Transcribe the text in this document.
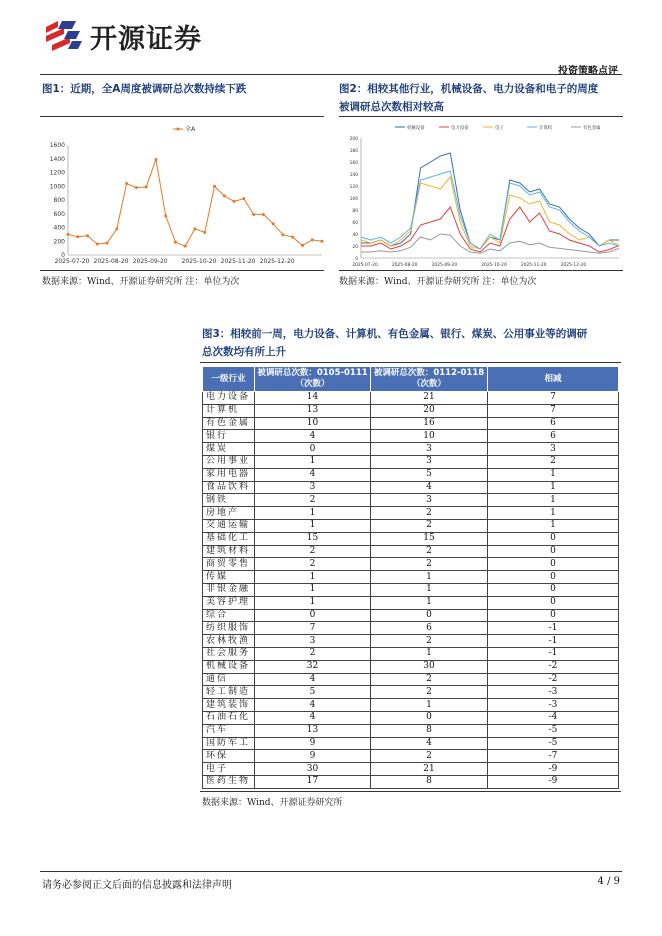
开源证券
投资策略点评
图1：近期，全A周度被调研总次数持续下跌
0
200
400
600
800
1000
1200
1400
1600
2025-07-20 2025-08-20 2025-09-20 2025-10-20 2025-11-20 2025-12-20
全A
数据来源：Wind、开源证券研究所 注：单位为次
图2：相较其他行业，机械设备、电力设备和电子的周度
被调研总次数相对较高
0
20
40
60
80
100
120
140
160
180
200
2025-07-20	2025-08-20	2025-09-20	2025-10-20	2025-11-20	2025-12-20
机械设备	电力设备	电子	计算机	有色金属
数据来源：Wind、开源证券研究所 注：单位为次
图3：相较前一周，电力设备、计算机、有色金属、银行、煤炭、公用事业等的调研
总次数均有所上升
一级行业	被调研总次数：0105-0111（次数）	被调研总次数：0112-0118（次数）	相减
电力设备	14	21	7
计算机	13	20	7
有色金属	10	16	6
银行	4	10	6
煤炭	0	3	3
公用事业	1	3	2
家用电器	4	5	1
食品饮料	3	4	1
钢铁	2	3	1
房地产	1	2	1
交通运输	1	2	1
基础化工	15	15	0
建筑材料	2	2	0
商贸零售	2	2	0
传媒	1	1	0
非银金融	1	1	0
美容护理	1	1	0
综合	0	0	0
纺织服饰	7	6	-1
农林牧渔	3	2	-1
社会服务	2	1	-1
机械设备	32	30	-2
通信	4	2	-2
轻工制造	5	2	-3
建筑装饰	4	1	-3
石油石化	4	0	-4
汽车	13	8	-5
国防军工	9	4	-5
环保	9	2	-7
电子	30	21	-9
医药生物	17	8	-9
数据来源：Wind、开源证券研究所
请务必参阅正文后面的信息披露和法律声明	4 / 9
